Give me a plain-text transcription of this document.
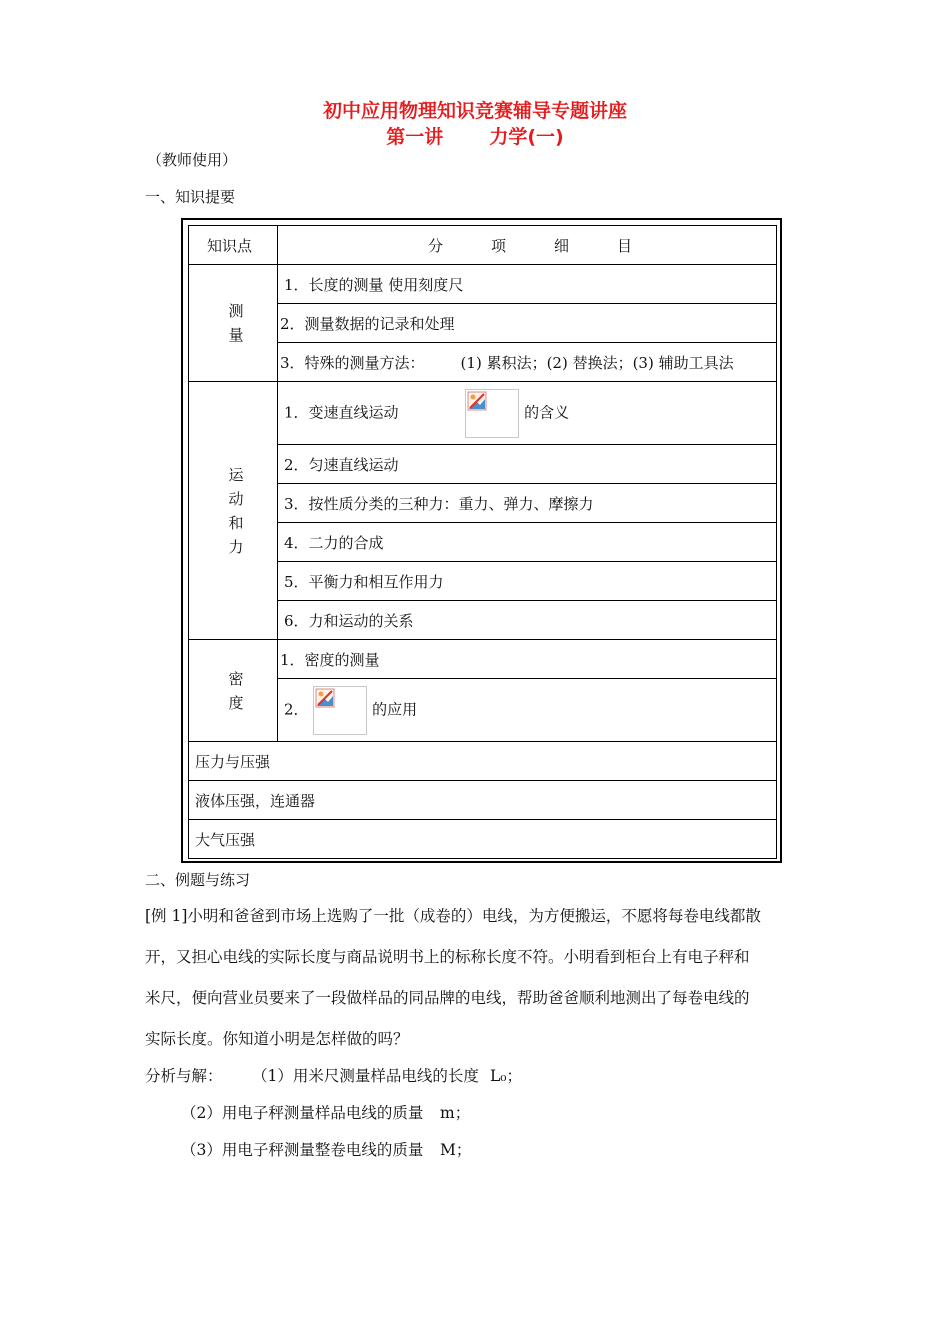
初中应用物理知识竞赛辅导专题讲座
第一讲 力学(一)
（教师使用）
一、知识提要
知识点	分 项 细 目

测
量	1．长度的测量 使用刻度尺
	2．测量数据的记录和处理
	3．特殊的测量方法： (1) 累积法；(2) 替换法；(3) 辅助工具法

运
动
和
力	1．变速直线运动 的含义
	2．匀速直线运动
	3．按性质分类的三种力：重力、弹力、摩擦力
	4．二力的合成
	5．平衡力和相互作用力
	6．力和运动的关系

密
度	1．密度的测量
	2． 的应用
压力与压强	
液体压强，连通器	
大气压强	
二、例题与练习
[例 1]小明和爸爸到市场上选购了一批（成卷的）电线，为方便搬运，不愿将每卷电线都散
开，又担心电线的实际长度与商品说明书上的标称长度不符。小明看到柜台上有电子秤和
米尺，便向营业员要来了一段做样品的同品牌的电线，帮助爸爸顺利地测出了每卷电线的
实际长度。你知道小明是怎样做的吗？
分析与解： （1）用米尺测量样品电线的长度 L₀；
（2）用电子秤测量样品电线的质量 m；
（3）用电子秤测量整卷电线的质量 M；
